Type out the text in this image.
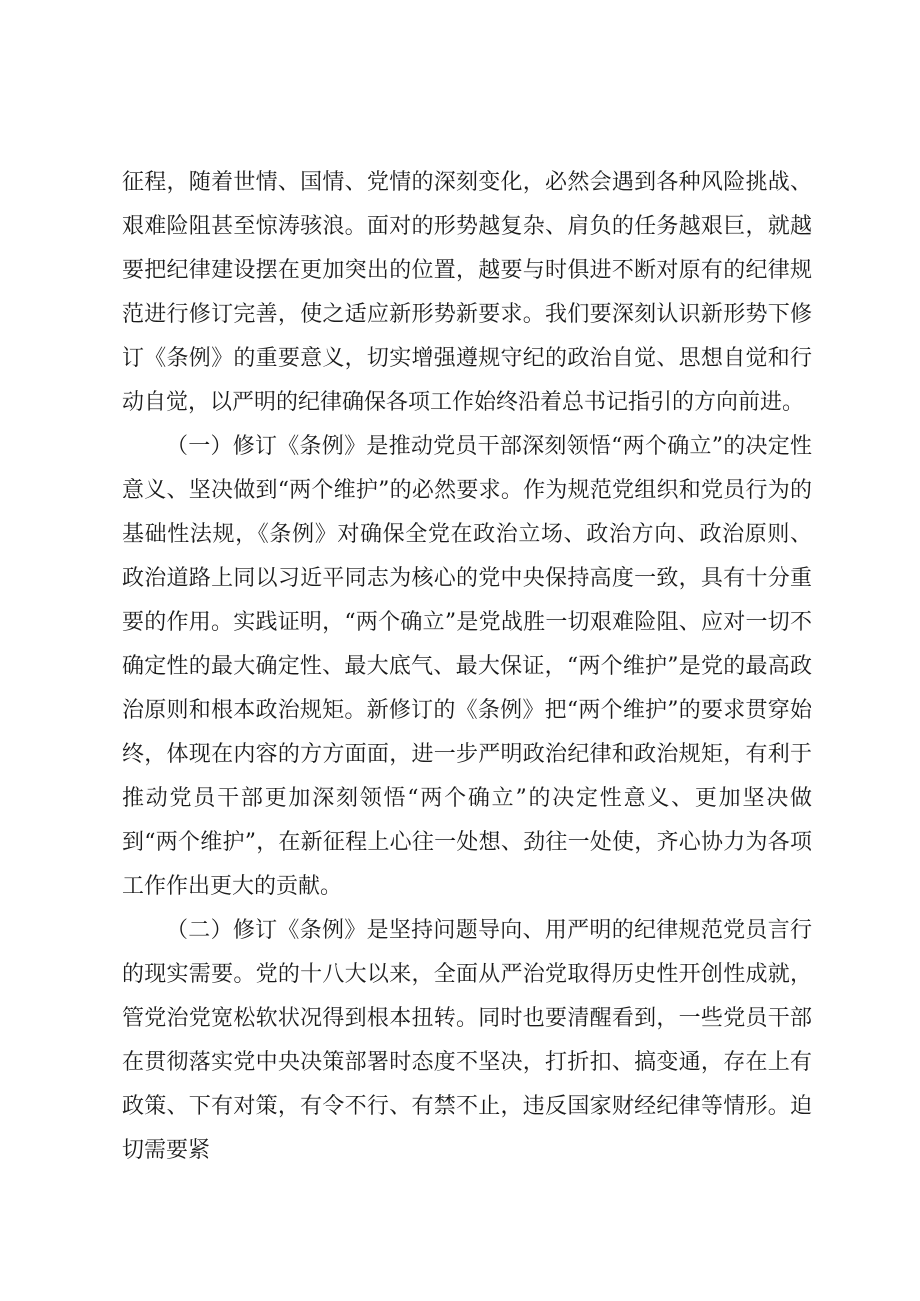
征程，随着世情、国情、党情的深刻变化，必然会遇到各种风险挑战、艰难险阻甚至惊涛骇浪。面对的形势越复杂、肩负的任务越艰巨，就越要把纪律建设摆在更加突出的位置，越要与时俱进不断对原有的纪律规范进行修订完善，使之适应新形势新要求。我们要深刻认识新形势下修订《条例》的重要意义，切实增强遵规守纪的政治自觉、思想自觉和行动自觉，以严明的纪律确保各项工作始终沿着总书记指引的方向前进。

（一）修订《条例》是推动党员干部深刻领悟“两个确立”的决定性意义、坚决做到“两个维护”的必然要求。作为规范党组织和党员行为的基础性法规，《条例》对确保全党在政治立场、政治方向、政治原则、政治道路上同以习近平同志为核心的党中央保持高度一致，具有十分重要的作用。实践证明，“两个确立”是党战胜一切艰难险阻、应对一切不确定性的最大确定性、最大底气、最大保证，“两个维护”是党的最高政治原则和根本政治规矩。新修订的《条例》把“两个维护”的要求贯穿始终，体现在内容的方方面面，进一步严明政治纪律和政治规矩，有利于推动党员干部更加深刻领悟“两个确立”的决定性意义、更加坚决做到“两个维护”，在新征程上心往一处想、劲往一处使，齐心协力为各项工作作出更大的贡献。

（二）修订《条例》是坚持问题导向、用严明的纪律规范党员言行的现实需要。党的十八大以来，全面从严治党取得历史性开创性成就，管党治党宽松软状况得到根本扭转。同时也要清醒看到，一些党员干部在贯彻落实党中央决策部署时态度不坚决，打折扣、搞变通，存在上有政策、下有对策，有令不行、有禁不止，违反国家财经纪律等情形。迫切需要紧
